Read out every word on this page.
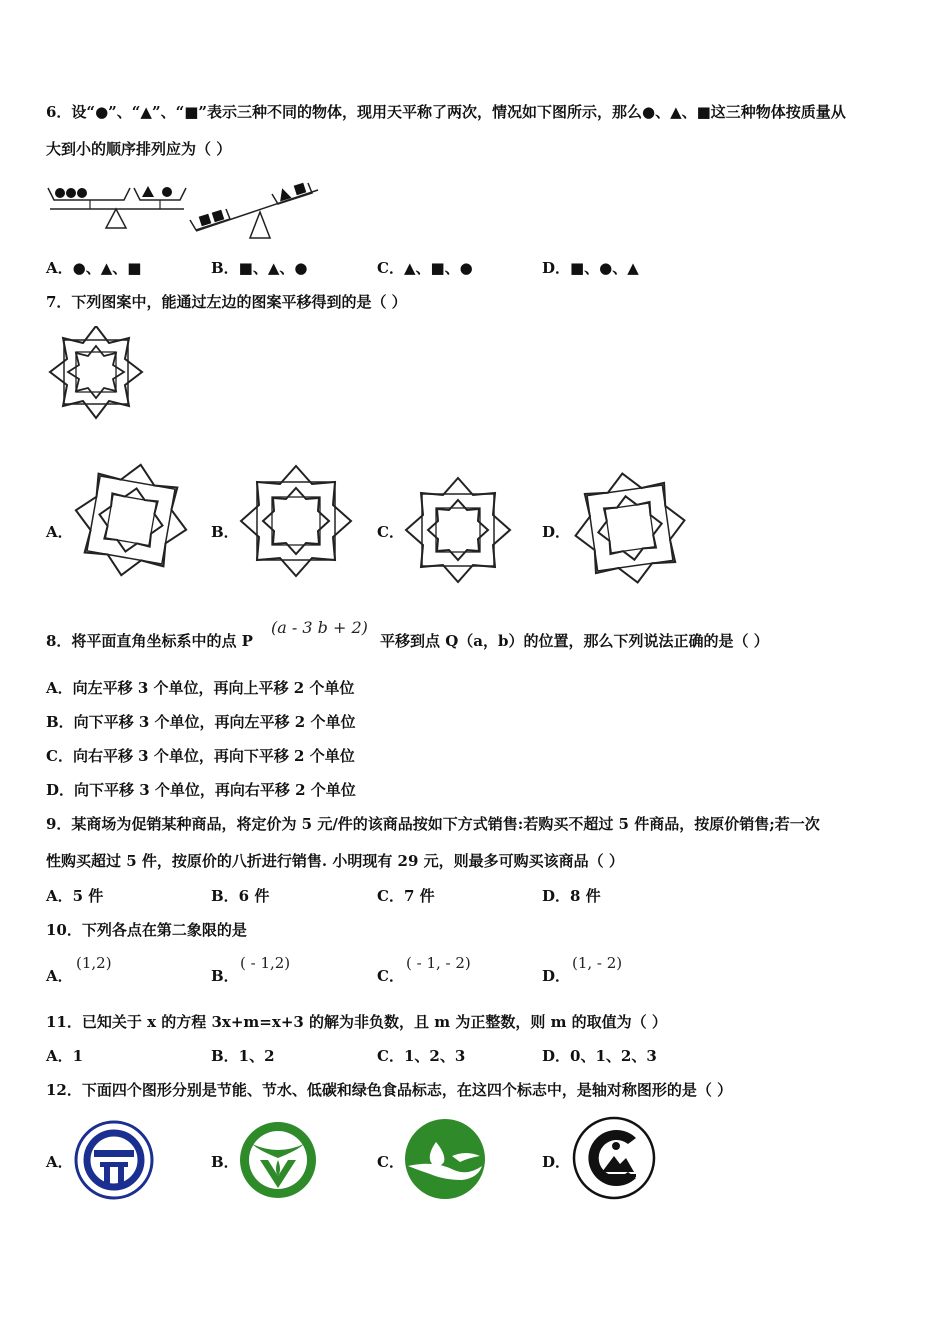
6．设“●”、“▲”、“■”表示三种不同的物体，现用天平称了两次，情况如下图所示，那么●、▲、■这三种物体按质量从
大到小的顺序排列应为（ ）
A．●、▲、■	B．■、▲、●	C．▲、■、●	D．■、●、▲
7．下列图案中，能通过左边的图案平移得到的是（ ）
A．	B．	C．	D．
8．将平面直角坐标系中的点 P
(a - 3 b + 2)
平移到点 Q（a，b）的位置，那么下列说法正确的是（ ）
A．向左平移 3 个单位，再向上平移 2 个单位
B．向下平移 3 个单位，再向左平移 2 个单位
C．向右平移 3 个单位，再向下平移 2 个单位
D．向下平移 3 个单位，再向右平移 2 个单位
9．某商场为促销某种商品，将定价为 5 元/件的该商品按如下方式销售:若购买不超过 5 件商品，按原价销售;若一次
性购买超过 5 件，按原价的八折进行销售. 小明现有 29 元，则最多可购买该商品（ ）
A．5 件	B．6 件	C．7 件	D．8 件
10．下列各点在第二象限的是
A．
(1,2)
B．
( - 1,2)
C．
( - 1, - 2)
D．
(1, - 2)
11．已知关于 x 的方程 3x+m=x+3 的解为非负数，且 m 为正整数，则 m 的取值为（ ）
A．1	B．1、2	C．1、2、3	D．0、1、2、3
12．下面四个图形分别是节能、节水、低碳和绿色食品标志，在这四个标志中，是轴对称图形的是（ ）
A．	B．	C．	D．
